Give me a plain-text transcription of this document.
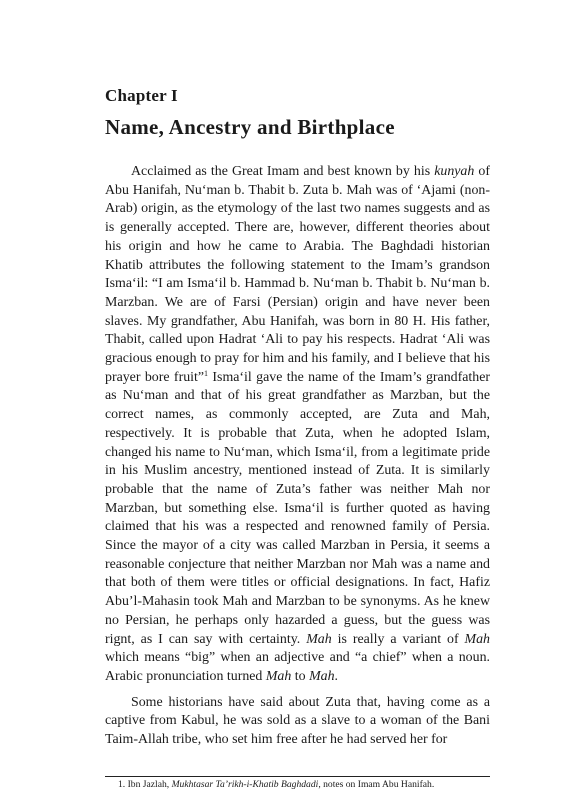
Chapter I
Name, Ancestry and Birthplace

Acclaimed as the Great Imam and best known by his kunyah of Abu Hanifah, Nu‘man b. Thabit b. Zuta b. Mah was of ‘Ajami (non-Arab) origin, as the etymology of the last two names suggests and as is generally accepted. There are, however, different theories about his origin and how he came to Arabia. The Baghdadi historian Khatib attributes the following statement to the Imam’s grandson Isma‘il: “I am Isma‘il b. Hammad b. Nu‘man b. Thabit b. Nu‘man b. Marzban. We are of Farsi (Persian) origin and have never been slaves. My grandfather, Abu Hanifah, was born in 80 H. His father, Thabit, called upon Hadrat ‘Ali to pay his respects. Hadrat ‘Ali was gracious enough to pray for him and his family, and I believe that his prayer bore fruit”$^1$ Isma‘il gave the name of the Imam’s grandfather as Nu‘man and that of his great grandfather as Marzban, but the correct names, as commonly accepted, are Zuta and Mah, respectively. It is probable that Zuta, when he adopted Islam, changed his name to Nu‘man, which Isma‘il, from a legitimate pride in his Muslim ancestry, mentioned instead of Zuta. It is similarly probable that the name of Zuta’s father was neither Mah nor Marzban, but something else. Isma‘il is further quoted as having claimed that his was a respected and renowned family of Persia. Since the mayor of a city was called Marzban in Persia, it seems a reasonable conjecture that neither Marzban nor Mah was a name and that both of them were titles or official designations. In fact, Hafiz Abu’l-Mahasin took Mah and Marzban to be synonyms. As he knew no Persian, he perhaps only hazarded a guess, but the guess was rignt, as I can say with certainty. Mah is really a variant of Mah which means “big” when an adjective and “a chief” when a noun. Arabic pronunciation turned Mah to Mah.

Some historians have said about Zuta that, having come as a captive from Kabul, he was sold as a slave to a woman of the Bani Taim-Allah tribe, who set him free after he had served her for

1. Ibn Jazlah, Mukhtasar Ta’rikh-i-Khatib Baghdadi, notes on Imam Abu Hanifah.
